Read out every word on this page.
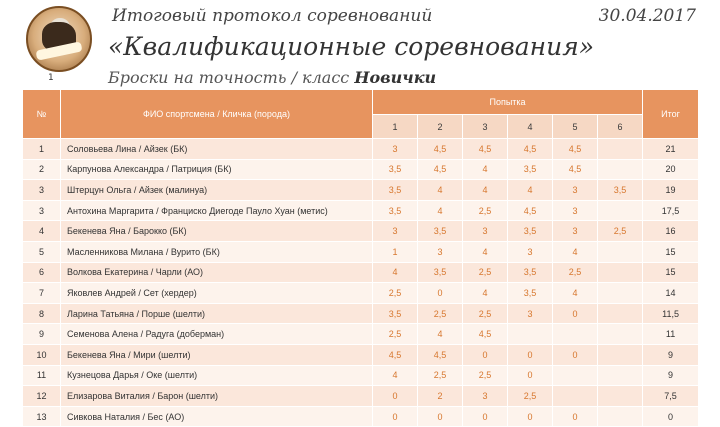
1
Итоговый протокол соревнований	30.04.2017
«Квалификационные соревнования»
Броски на точность / класс Новички
№	ФИО спортсмена / Кличка (порода)	Попытка						Итог
		1	2	3	4	5	6	
1	Соловьева Лина / Айзек (БК)	3	4,5	4,5	4,5	4,5		21
2	Карпунова Александра / Патриция (БК)	3,5	4,5	4	3,5	4,5		20
3	Штерцун Ольга / Айзек (малинуа)	3,5	4	4	4	3	3,5	19
3	Антохина Маргарита / Франциско Диегоде Пауло Хуан (метис)	3,5	4	2,5	4,5	3		17,5
4	Бекенева Яна / Барокко (БК)	3	3,5	3	3,5	3	2,5	16
5	Масленникова Милана / Вурито (БК)	1	3	4	3	4		15
6	Волкова Екатерина / Чарли (АО)	4	3,5	2,5	3,5	2,5		15
7	Яковлев Андрей / Сет (хердер)	2,5	0	4	3,5	4		14
8	Ларина Татьяна / Порше (шелти)	3,5	2,5	2,5	3	0		11,5
9	Семенова Алена / Радуга (доберман)	2,5	4	4,5				11
10	Бекенева Яна / Мири (шелти)	4,5	4,5	0	0	0		9
11	Кузнецова Дарья / Оке (шелти)	4	2,5	2,5	0			9
12	Елизарова Виталия / Барон (шелти)	0	2	3	2,5			7,5
13	Сивкова Наталия / Бес (АО)	0	0	0	0	0		0
